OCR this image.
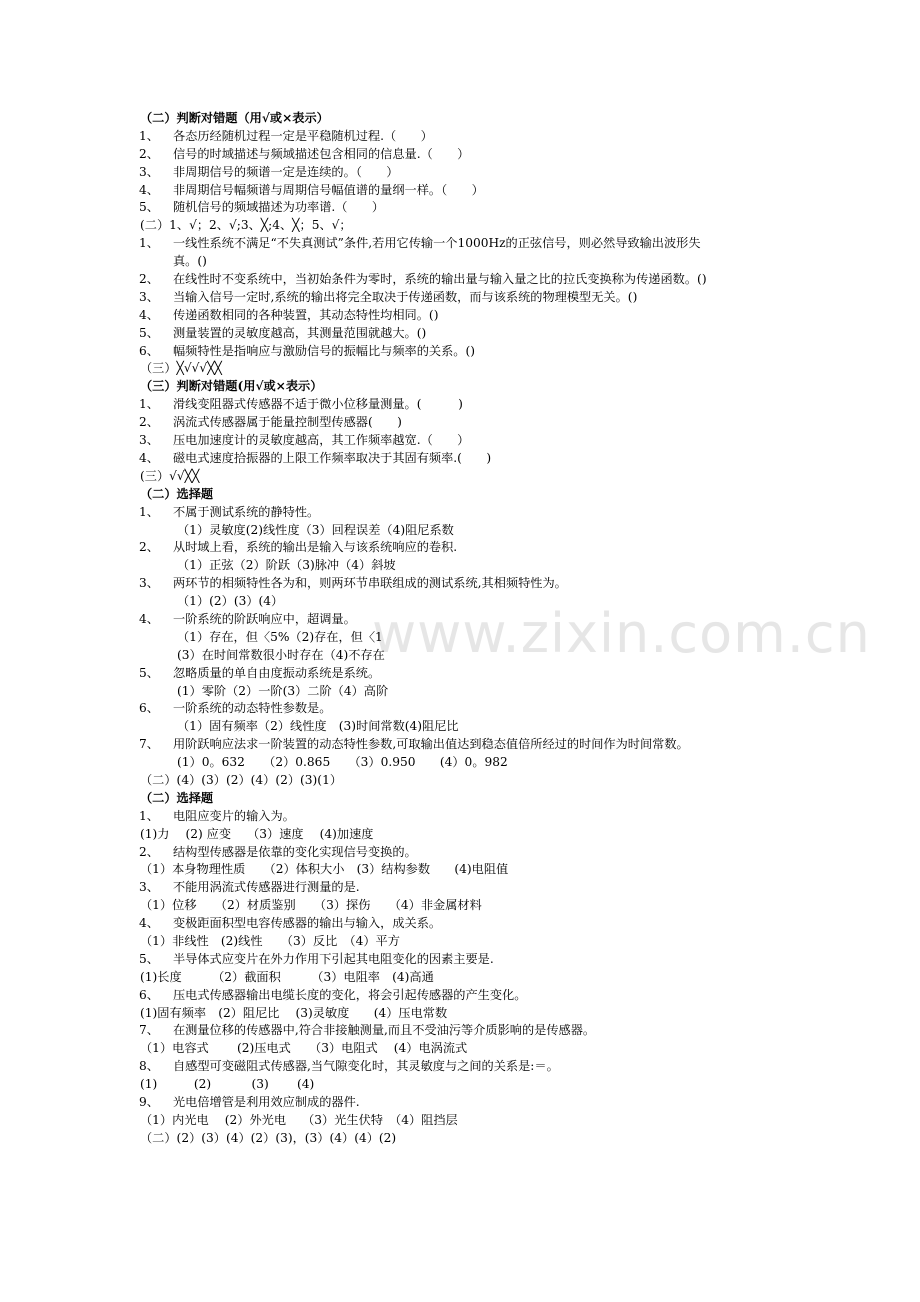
www.zixin.com.cn
（二）判断对错题（用√或×表示）
1、 各态历经随机过程一定是平稳随机过程.（　　）
2、 信号的时域描述与频域描述包含相同的信息量.（　　）
3、 非周期信号的频谱一定是连续的。（　　）
4、 非周期信号幅频谱与周期信号幅值谱的量纲一样。（　　）
5、 随机信号的频域描述为功率谱.（　　）
(二）1、√；2、√;3、╳;4、╳；5、√；
1、 一线性系统不满足“不失真测试”条件,若用它传输一个1000Hz的正弦信号，则必然导致输出波形失
真。()
2、 在线性时不变系统中，当初始条件为零时，系统的输出量与输入量之比的拉氏变换称为传递函数。()
3、 当输入信号一定时,系统的输出将完全取决于传递函数，而与该系统的物理模型无关。()
4、 传递函数相同的各种装置，其动态特性均相同。()
5、 测量装置的灵敏度越高，其测量范围就越大。()
6、 幅频特性是指响应与激励信号的振幅比与频率的关系。()
（三）╳√√√╳╳
（三）判断对错题(用√或×表示）
1、 滑线变阻器式传感器不适于微小位移量测量。(　　　)
2、 涡流式传感器属于能量控制型传感器(　　)
3、 压电加速度计的灵敏度越高，其工作频率越宽.（　　）
4、 磁电式速度拾振器的上限工作频率取决于其固有频率.(　　)
(三）√√╳╳
（二）选择题
1、 不属于测试系统的静特性。
（1）灵敏度(2)线性度（3）回程误差（4)阻尼系数
2、 从时域上看，系统的输出是输入与该系统响应的卷积.
（1）正弦（2）阶跃（3)脉冲（4）斜坡
3、 两环节的相频特性各为和，则两环节串联组成的测试系统,其相频特性为。
（1）(2）(3）(4）
4、 一阶系统的阶跃响应中，超调量。
（1）存在，但〈5%（2)存在，但〈1
(3）在时间常数很小时存在（4)不存在
5、 忽略质量的单自由度振动系统是系统。
(1）零阶（2）一阶(3）二阶（4）高阶
6、 一阶系统的动态特性参数是。
（1）固有频率（2）线性度　(3)时间常数(4)阻尼比
7、 用阶跃响应法求一阶装置的动态特性参数,可取输出值达到稳态值倍所经过的时间作为时间常数。
(1）0。632　　（2）0.865　　（3）0.950　　(4）0。982
（二）(4）(3）(2）(4）(2）(3)(1）
（二）选择题
1、 电阻应变片的输入为。
(1)力　 (2) 应变　 （3）速度　 (4)加速度
2、 结构型传感器是依靠的变化实现信号变换的。
（1）本身物理性质　　（2）体积大小　(3）结构参数　　(4)电阻值
3、 不能用涡流式传感器进行测量的是.
（1）位移　　（2）材质鉴别　　（3）探伤　　（4）非金属材料
4、 变极距面积型电容传感器的输出与输入，成关系。
（1）非线性　(2)线性　　（3）反比　（4）平方
5、 半导体式应变片在外力作用下引起其电阻变化的因素主要是.
(1)长度　　　（2）截面积　　　（3）电阻率　(4)高通
6、 压电式传感器输出电缆长度的变化，将会引起传感器的产生变化。
(1)固有频率　(2）阻尼比　 (3)灵敏度　　(4）压电常数
7、 在测量位移的传感器中,符合非接触测量,而且不受油污等介质影响的是传感器。
（1）电容式　　 (2)压电式　　（3）电阻式　 (4）电涡流式
8、 自感型可变磁阻式传感器,当气隙变化时，其灵敏度与之间的关系是:＝。
(1)　　　(2)　　　 (3)　　 (4)
9、 光电倍增管是利用效应制成的器件.
（1）内光电　 (2）外光电　 （3）光生伏特　（4）阻挡层
（二）(2）(3）(4）(2）(3)，(3）(4）(4）(2)
